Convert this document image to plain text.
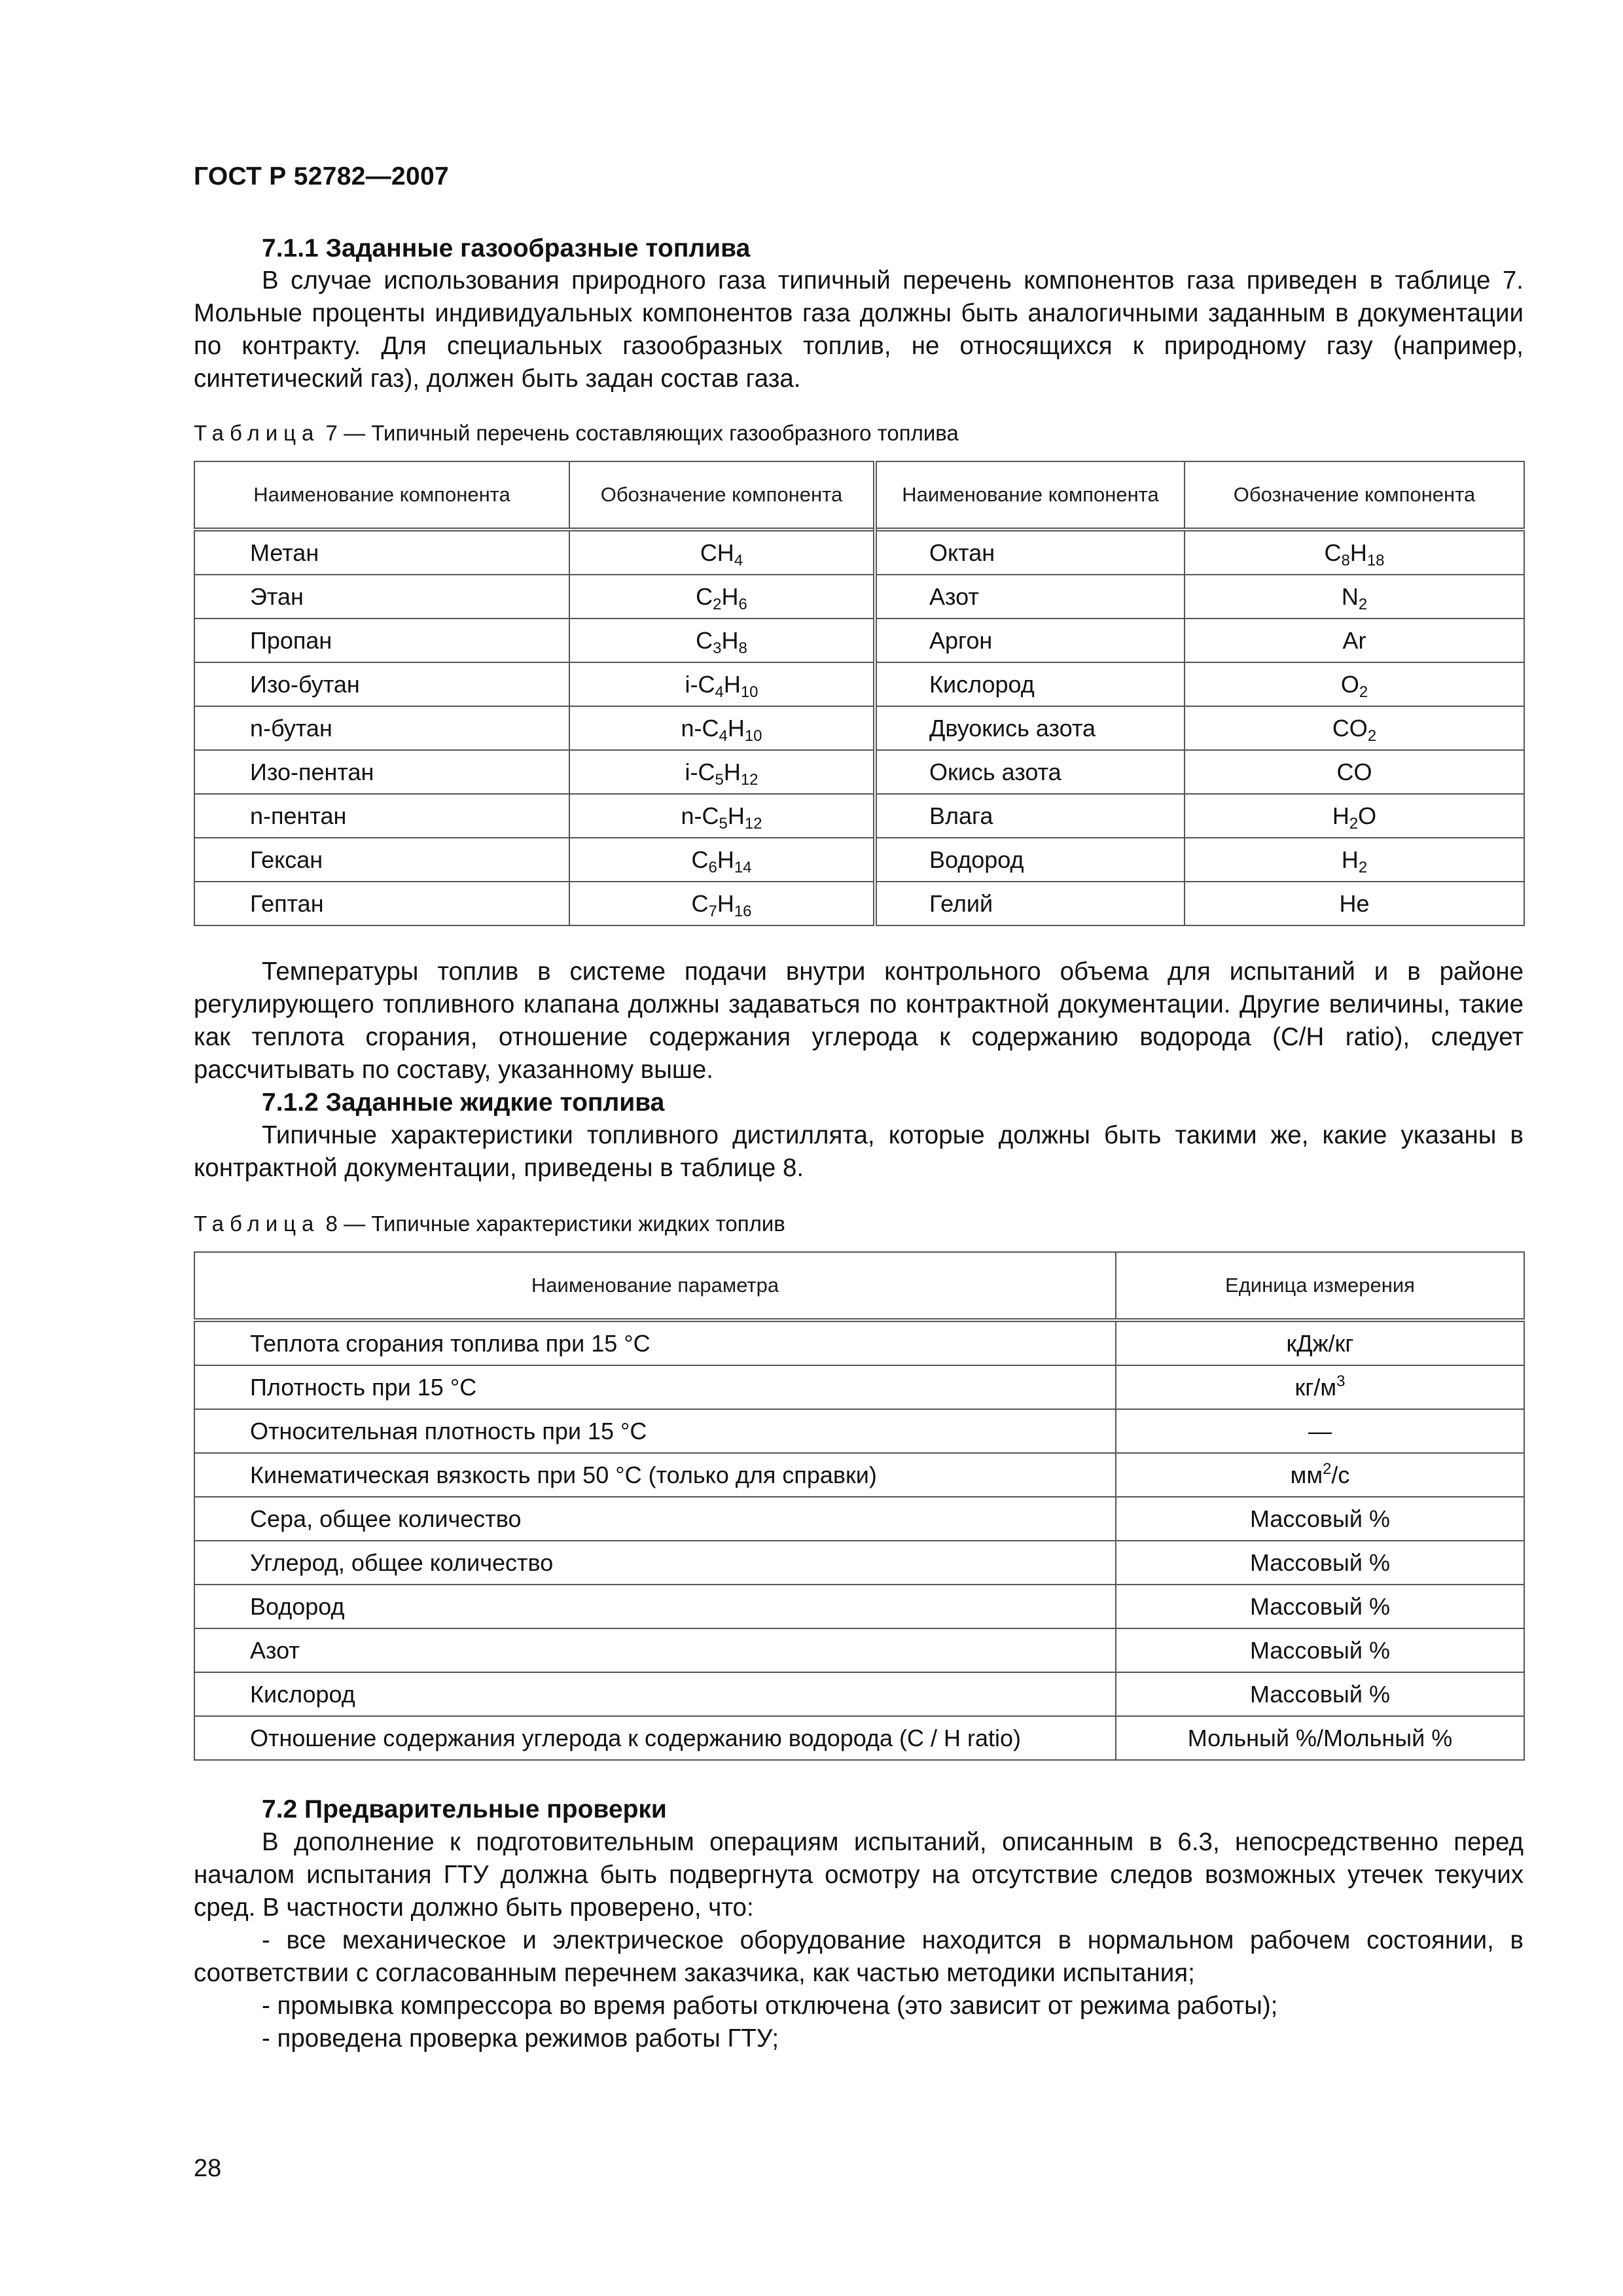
ГОСТ Р 52782—2007
7.1.1 Заданные газообразные топлива
В случае использования природного газа типичный перечень компонентов газа приведен в таблице 7. Мольные проценты индивидуальных компонентов газа должны быть аналогичными заданным в документации по контракту. Для специальных газообразных топлив, не относящихся к природному газу (например, синтетический газ), должен быть задан состав газа.
Таблица 7 — Типичный перечень составляющих газообразного топлива
Наименование компонента	Обозначение компонента	Наименование компонента	Обозначение компонента
Метан	$CH_4$	Октан	$C_8H_{18}$
Этан	$C_2H_6$	Азот	$N_2$
Пропан	$C_3H_8$	Аргон	Ar
Изо-бутан	$i-C_4H_{10}$	Кислород	$O_2$
n-бутан	$n-C_4H_{10}$	Двуокись азота	$CO_2$
Изо-пентан	$i-C_5H_{12}$	Окись азота	CO
n-пентан	$n-C_5H_{12}$	Влага	$H_2O$
Гексан	$C_6H_{14}$	Водород	$H_2$
Гептан	$C_7H_{16}$	Гелий	He
Температуры топлив в системе подачи внутри контрольного объема для испытаний и в районе регулирующего топливного клапана должны задаваться по контрактной документации. Другие величины, такие как теплота сгорания, отношение содержания углерода к содержанию водорода (C/H ratio), следует рассчитывать по составу, указанному выше.
7.1.2 Заданные жидкие топлива
Типичные характеристики топливного дистиллята, которые должны быть такими же, какие указаны в контрактной документации, приведены в таблице 8.
Таблица 8 — Типичные характеристики жидких топлив
Наименование параметра	Единица измерения
Теплота сгорания топлива при 15 °C	кДж/кг
Плотность при 15 °C	$кг/м^3$
Относительная плотность при 15 °C	—
Кинематическая вязкость при 50 °C (только для справки)	$мм^2/с$
Сера, общее количество	Массовый %
Углерод, общее количество	Массовый %
Водород	Массовый %
Азот	Массовый %
Кислород	Массовый %
Отношение содержания углерода к содержанию водорода (С / Н ratio)	Мольный %/Мольный %
7.2 Предварительные проверки
В дополнение к подготовительным операциям испытаний, описанным в 6.3, непосредственно перед началом испытания ГТУ должна быть подвергнута осмотру на отсутствие следов возможных утечек текучих сред. В частности должно быть проверено, что:
- все механическое и электрическое оборудование находится в нормальном рабочем состоянии, в соответствии с согласованным перечнем заказчика, как частью методики испытания;
- промывка компрессора во время работы отключена (это зависит от режима работы);
- проведена проверка режимов работы ГТУ;
28
